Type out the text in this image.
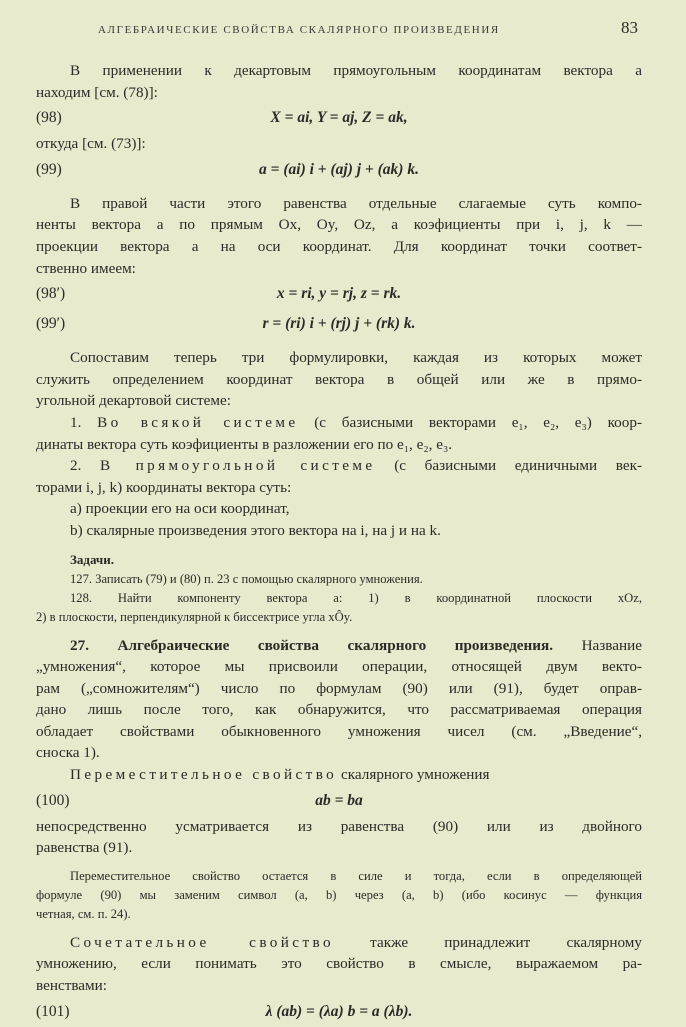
АЛГЕБРАИЧЕСКИЕ СВОЙСТВА СКАЛЯРНОГО ПРОИЗВЕДЕНИЯ	83
В применении к декартовым прямоугольным координатам вектора a
находим [см. (78)]:
(98)	X = ai, Y = aj, Z = ak,
откуда [см. (73)]:
(99)	a = (ai) i + (aj) j + (ak) k.
В правой части этого равенства отдельные слагаемые суть компо-
ненты вектора a по прямым Ox, Oy, Oz, а коэфициенты при i, j, k —
проекции вектора a на оси координат. Для координат точки соответ-
ственно имеем:
(98′)	x = ri, y = rj, z = rk.
(99′)	r = (ri) i + (rj) j + (rk) k.
Сопоставим теперь три формулировки, каждая из которых может
служить определением координат вектора в общей или же в прямо-
угольной декартовой системе:
1. Во всякой системе (с базисными векторами e₁, e₂, e₃) коор-
динаты вектора суть коэфициенты в разложении его по e₁, e₂, e₃.
2. В прямоугольной системе (с базисными единичными век-
торами i, j, k) координаты вектора суть:
a) проекции его на оси координат,
b) скалярные произведения этого вектора на i, на j и на k.
Задачи.
127. Записать (79) и (80) п. 23 с помощью скалярного умножения.
128. Найти компоненту вектора a: 1) в координатной плоскости xOz,
2) в плоскости, перпендикулярной к биссектрисе угла xÔy.
27. Алгебраические свойства скалярного произведения. Название
„умножения“, которое мы присвоили операции, относящей двум векто-
рам („сомножителям“) число по формулам (90) или (91), будет оправ-
дано лишь после того, как обнаружится, что рассматриваемая операция
обладает свойствами обыкновенного умножения чисел (см. „Введение“,
сноска 1).
Переместительное свойство скалярного умножения
(100)	ab = ba
непосредственно усматривается из равенства (90) или из двойного
равенства (91).
Переместительное свойство остается в силе и тогда, если в определяющей
формуле (90) мы заменим символ (a, b) через (a, b) (ибо косинус — функция
четная, см. п. 24).
Сочетательное свойство также принадлежит скалярному
умножению, если понимать это свойство в смысле, выражаемом ра-
венствами:
(101)	λ (ab) = (λa) b = a (λb).
